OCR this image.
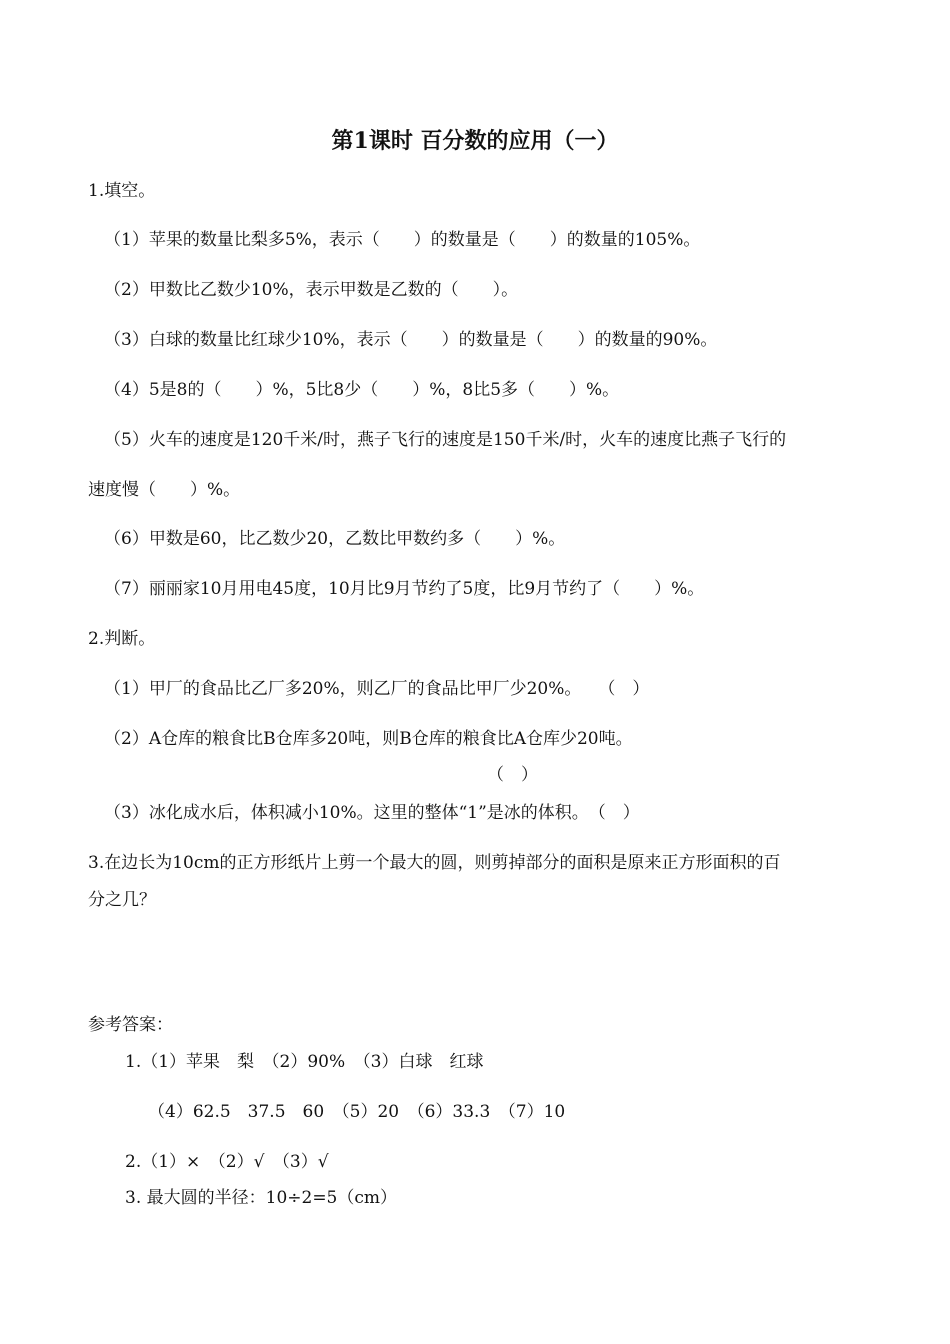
第1课时 百分数的应用（一）
1.填空。
（1）苹果的数量比梨多5%，表示（　　）的数量是（　　）的数量的105%。
（2）甲数比乙数少10%，表示甲数是乙数的（　　）。
（3）白球的数量比红球少10%，表示（　　）的数量是（　　）的数量的90%。
（4）5是8的（　　）%，5比8少（　　）%，8比5多（　　）%。
（5）火车的速度是120千米/时，燕子飞行的速度是150千米/时，火车的速度比燕子飞行的
速度慢（　　）%。
（6）甲数是60，比乙数少20，乙数比甲数约多（　　）%。
（7）丽丽家10月用电45度，10月比9月节约了5度，比9月节约了（　　）%。
2.判断。
（1）甲厂的食品比乙厂多20%，则乙厂的食品比甲厂少20%。　　（　）
（2）A仓库的粮食比B仓库多20吨，则B仓库的粮食比A仓库少20吨。
（　）
（3）冰化成水后，体积减小10%。这里的整体“1”是冰的体积。　（　）
3.在边长为10cm的正方形纸片上剪一个最大的圆，则剪掉部分的面积是原来正方形面积的百
分之几？
参考答案：
1.（1）苹果　梨　（2）90%　（3）白球　红球
（4）62.5　37.5　60　（5）20　（6）33.3　（7）10
2.（1）×　（2）√　（3）√
3. 最大圆的半径：10÷2=5（cm）
